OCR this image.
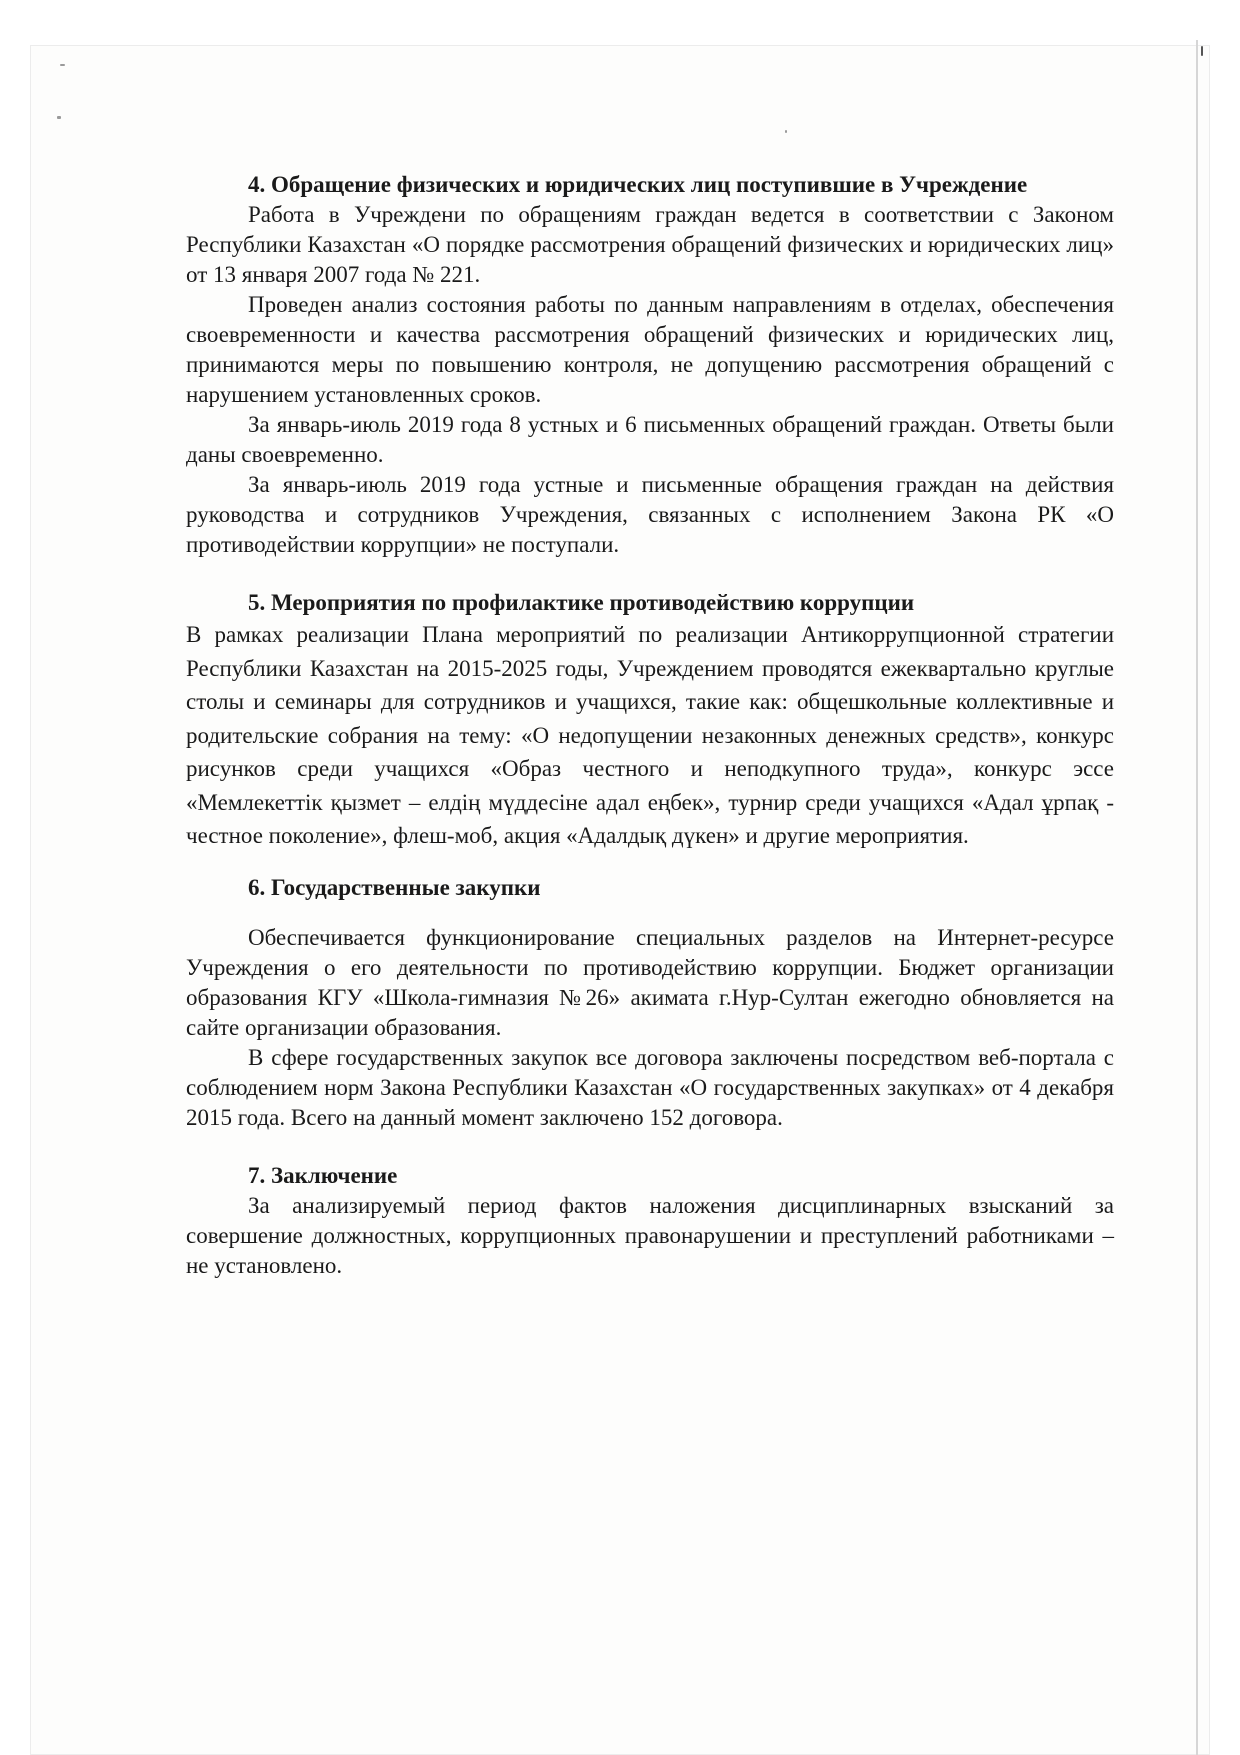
4. Обращение физических и юридических лиц поступившие в Учреждение

Работа в Учреждени по обращениям граждан ведется в соответствии с Законом Республики Казахстан «О порядке рассмотрения обращений физических и юридических лиц» от 13 января 2007 года № 221.

Проведен анализ состояния работы по данным направлениям в отделах, обеспечения своевременности и качества рассмотрения обращений физических и юридических лиц, принимаются меры по повышению контроля, не допущению рассмотрения обращений с нарушением установленных сроков.

За январь-июль 2019 года 8 устных и 6 письменных обращений граждан. Ответы были даны своевременно.

За январь-июль 2019 года устные и письменные обращения граждан на действия руководства и сотрудников Учреждения, связанных с исполнением Закона РК «О противодействии коррупции» не поступали.

5. Мероприятия по профилактике противодействию коррупции

В рамках реализации Плана мероприятий по реализации Антикоррупционной стратегии Республики Казахстан на 2015-2025 годы, Учреждением проводятся ежеквартально круглые столы и семинары для сотрудников и учащихся, такие как: общешкольные коллективные и родительские собрания на тему: «О недопущении незаконных денежных средств», конкурс рисунков среди учащихся «Образ честного и неподкупного труда», конкурс эссе «Мемлекеттік қызмет – елдің мүддесіне адал еңбек», турнир среди учащихся «Адал ұрпақ - честное поколение», флеш-моб, акция «Адалдық дүкен» и другие мероприятия.

6. Государственные закупки

Обеспечивается функционирование специальных разделов на Интернет-ресурсе Учреждения о его деятельности по противодействию коррупции. Бюджет организации образования КГУ «Школа-гимназия №26» акимата г.Нур-Султан ежегодно обновляется на сайте организации образования.

В сфере государственных закупок все договора заключены посредством веб-портала с соблюдением норм Закона Республики Казахстан «О государственных закупках» от 4 декабря 2015 года. Всего на данный момент заключено 152 договора.

7. Заключение

За анализируемый период фактов наложения дисциплинарных взысканий за совершение должностных, коррупционных правонарушении и преступлений работниками – не установлено.
